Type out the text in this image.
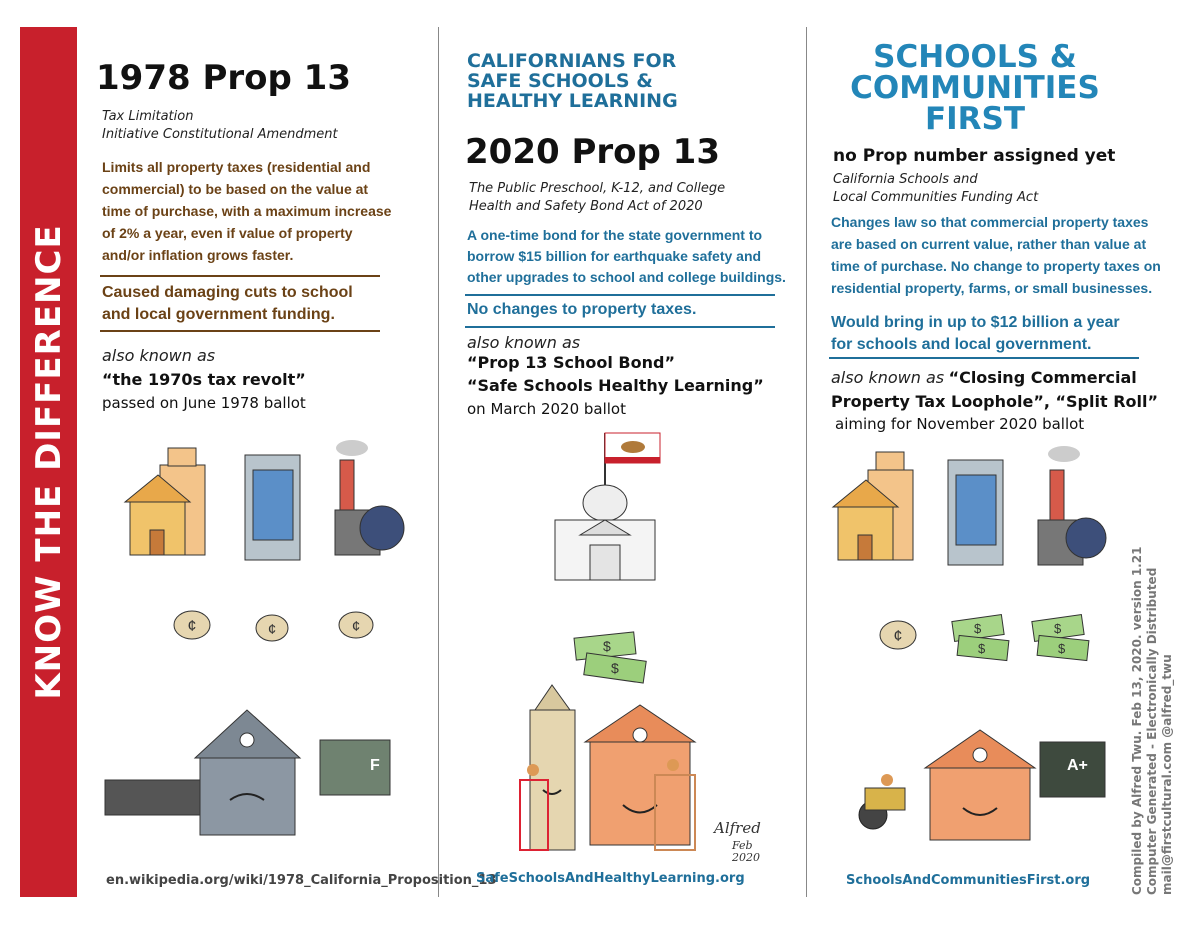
KNOW THE DIFFERENCE
1978 Prop 13
Tax Limitation
Initiative Constitutional Amendment
Limits all property taxes (residential and
commercial) to be based on the value at
time of purchase, with a maximum increase
of 2% a year, even if value of property
and/or inflation grows faster.
Caused damaging cuts to school
and local government funding.
also known as
“the 1970s tax revolt”
passed on June 1978 ballot
¢	¢	¢
F
en.wikipedia.org/wiki/1978_California_Proposition_13
CALIFORNIANS FOR
SAFE SCHOOLS &
HEALTHY LEARNING
2020 Prop 13
The Public Preschool, K-12, and College
Health and Safety Bond Act of 2020
A one-time bond for the state government to
borrow $15 billion for earthquake safety and
other upgrades to school and college buildings.
No changes to property taxes.
also known as
“Prop 13 School Bond”
“Safe Schools Healthy Learning”
on March 2020 ballot
$
$
Alfred
Feb
2020
SafeSchoolsAndHealthyLearning.org
SCHOOLS &
COMMUNITIES
FIRST
no Prop number assigned yet
California Schools and
Local Communities Funding Act
Changes law so that commercial property taxes
are based on current value, rather than value at
time of purchase. No change to property taxes on
residential property, farms, or small businesses.
Would bring in up to $12 billion a year
for schools and local government.
also known as “Closing Commercial
Property Tax Loophole”, “Split Roll”
aiming for November 2020 ballot
¢	$
$
$
$
A+
SchoolsAndCommunitiesFirst.org	Compiled by Alfred Twu. Feb 13, 2020. version 1.21 Computer Generated - Electronically Distributed mail@firstcultural.com @alfred_twu
